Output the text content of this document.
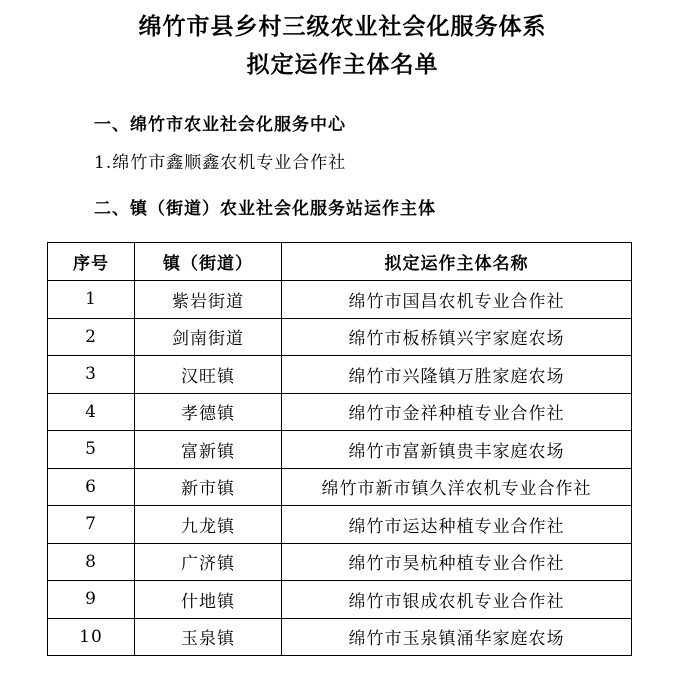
绵竹市县乡村三级农业社会化服务体系
拟定运作主体名单
一、绵竹市农业社会化服务中心
1.绵竹市鑫顺鑫农机专业合作社
二、镇（街道）农业社会化服务站运作主体
序号	镇（街道）	拟定运作主体名称
1	紫岩街道	绵竹市国昌农机专业合作社
2	剑南街道	绵竹市板桥镇兴宇家庭农场
3	汉旺镇	绵竹市兴隆镇万胜家庭农场
4	孝德镇	绵竹市金祥种植专业合作社
5	富新镇	绵竹市富新镇贵丰家庭农场
6	新市镇	绵竹市新市镇久洋农机专业合作社
7	九龙镇	绵竹市运达种植专业合作社
8	广济镇	绵竹市昊杭种植专业合作社
9	什地镇	绵竹市银成农机专业合作社
10	玉泉镇	绵竹市玉泉镇涌华家庭农场
